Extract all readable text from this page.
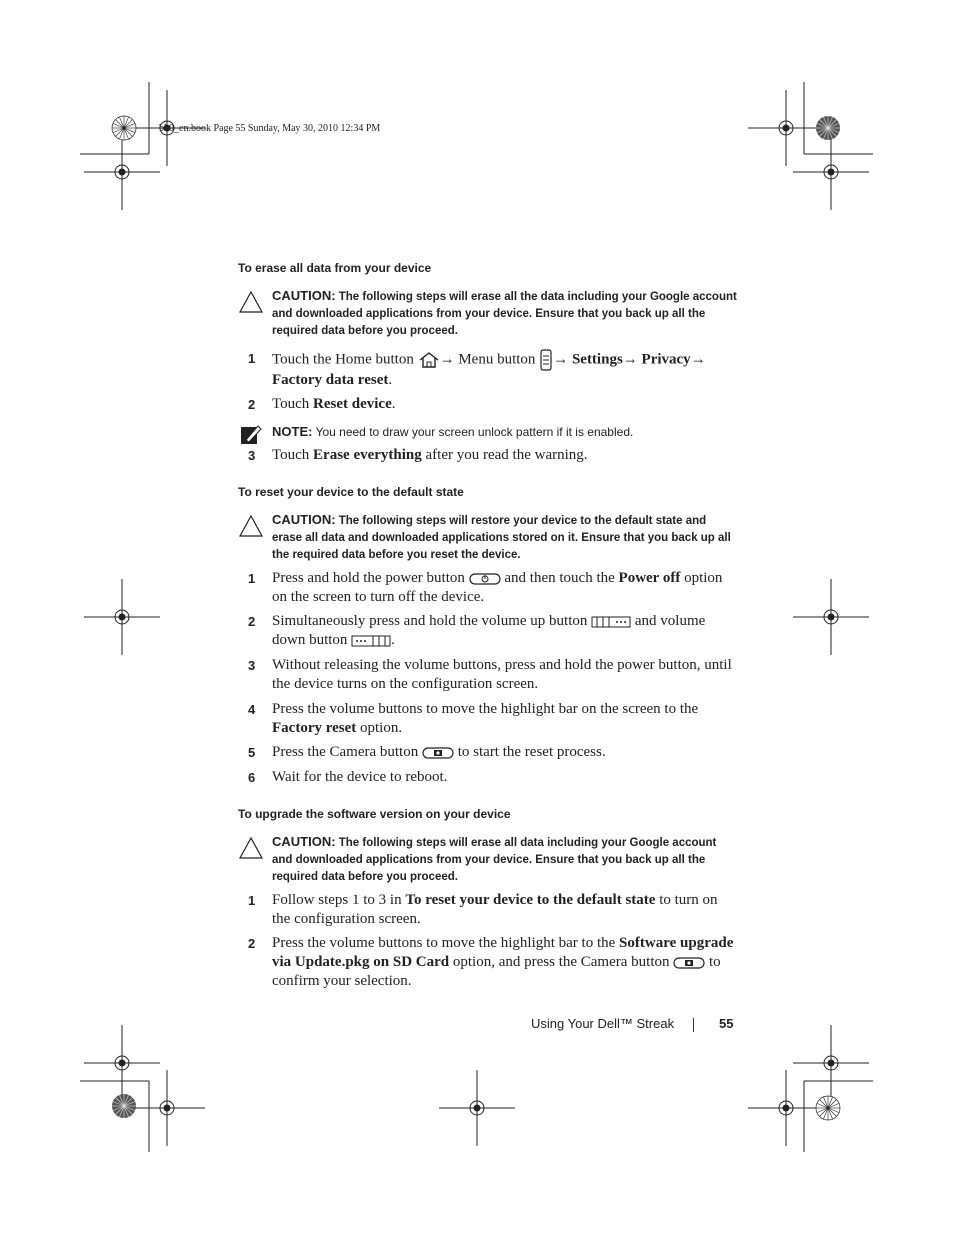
bk0_en.book Page 55 Sunday, May 30, 2010 12:34 PM
To erase all data from your device
CAUTION: The following steps will erase all the data including your Google account and downloaded applications from your device. Ensure that you back up all the required data before you proceed.
1 Touch the Home button → Menu button → Settings→ Privacy→
Factory data reset.
2 Touch Reset device.
NOTE: You need to draw your screen unlock pattern if it is enabled.
3 Touch Erase everything after you read the warning.
To reset your device to the default state
CAUTION: The following steps will restore your device to the default state and erase all data and downloaded applications stored on it. Ensure that you back up all the required data before you reset the device.
1 Press and hold the power button  and then touch the Power off option on the screen to turn off the device.
2 Simultaneously press and hold the volume up button	and volume down button	.
3 Without releasing the volume buttons, press and hold the power button, until the device turns on the configuration screen.
4 Press the volume buttons to move the highlight bar on the screen to the Factory reset option.
5 Press the Camera button  to start the reset process.
6 Wait for the device to reboot.
To upgrade the software version on your device
CAUTION: The following steps will erase all data including your Google account and downloaded applications from your device. Ensure that you back up all the required data before you proceed.
1 Follow steps 1 to 3 in To reset your device to the default state to turn on the configuration screen.
2 Press the volume buttons to move the highlight bar to the Software upgrade via Update.pkg on SD Card option, and press the Camera button  to confirm your selection.
Using Your Dell™ Streak	55
